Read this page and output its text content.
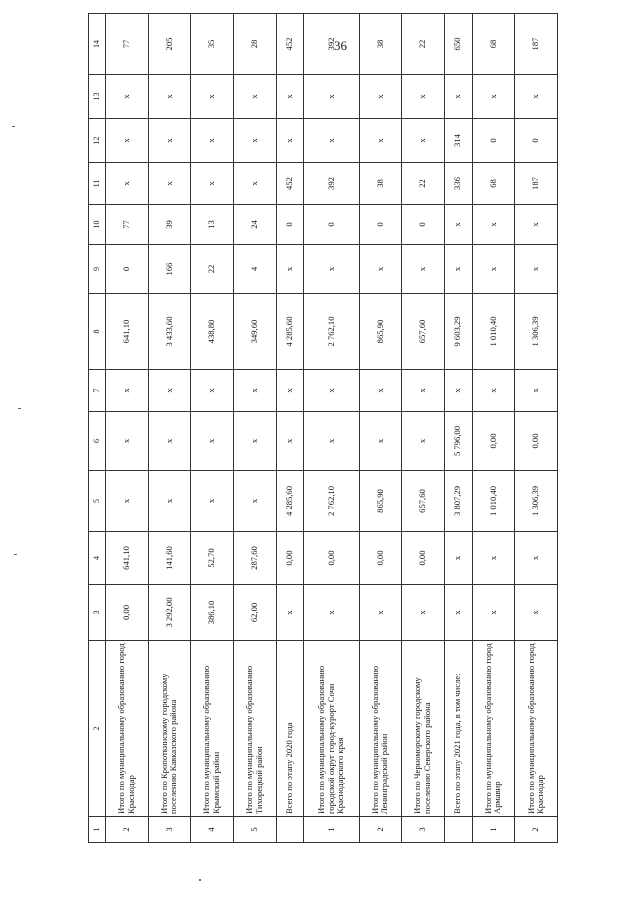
36
1	2	3	4	5	6	7	8	9	10	11	12	13	14
2	Итого по муниципальному образованию город Краснодар	0,00	641,10	x	x	x	641,10	0	77	x	x	x	77
3	Итого по Кропоткинскому городскому поселению Кавказского района	3 292,00	141,60	x	x	x	3 433,60	166	39	x	x	x	205
4	Итого по муниципальному образованию Крымский район	386,10	52,70	x	x	x	438,80	22	13	x	x	x	35
5	Итого по муниципальному образованию Тихорецкий район	62,00	287,60	x	x	x	349,60	4	24	x	x	x	28
	Всего по этапу 2020 года	x	0,00	4 285,60	x	x	4 285,60	x	0	452	x	x	452
1	Итого по муниципальному образованию городской округ город-курорт Сочи Краснодарского края	x	0,00	2 762,10	x	x	2 762,10	x	0	392	x	x	392
2	Итого по муниципальному образованию Ленинградский район	x	0,00	865,90	x	x	865,90	x	0	38	x	x	38
3	Итого по Черноморскому городскому поселению Северского района	x	0,00	657,60	x	x	657,60	x	0	22	x	x	22
	Всего по этапу 2021 года, в том числе:	x	x	3 807,29	5 796,00	x	9 603,29	x	x	336	314	x	650
1	Итого по муниципальному образованию город Армавир	x	x	1 010,40	0,00	x	1 010,40	x	x	68	0	x	68
2	Итого по муниципальному образованию город Краснодар	x	x	1 306,39	0,00	x	1 306,39	x	x	187	0	x	187
